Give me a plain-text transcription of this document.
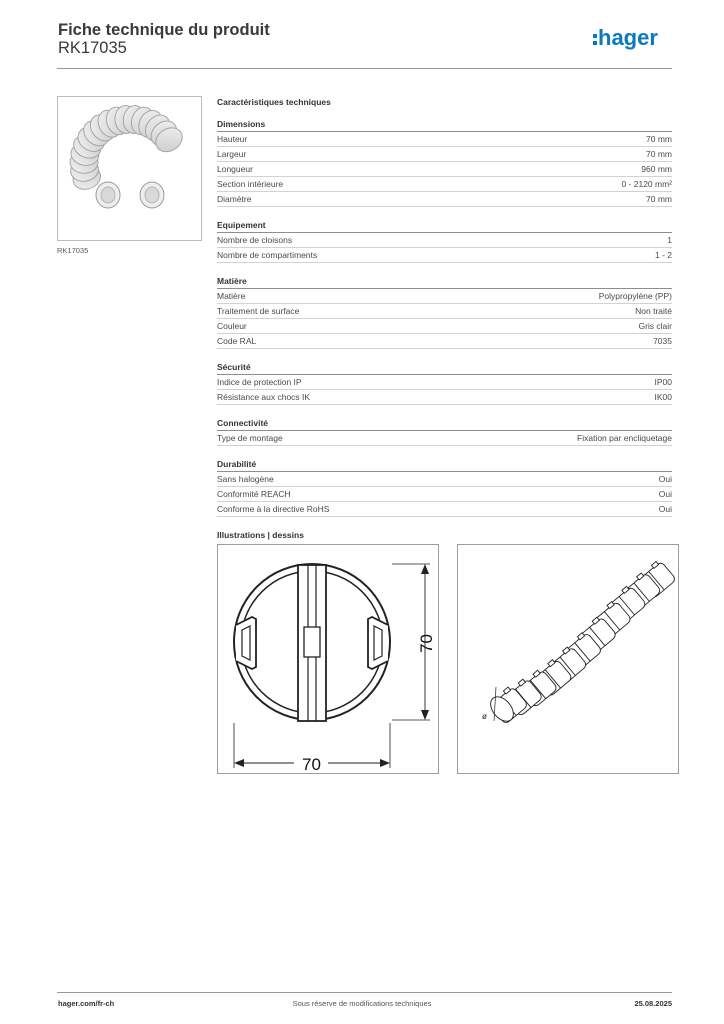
Fiche technique du produit
RK17035	hager
RK17035
Caractéristiques techniques
Dimensions
Hauteur	70 mm
Largeur	70 mm
Longueur	960 mm
Section intérieure	0 - 2120 mm²
Diamètre	70 mm
Equipement
Nombre de cloisons	1
Nombre de compartiments	1 - 2
Matière
Matière	Polypropylène (PP)
Traitement de surface	Non traité
Couleur	Gris clair
Code RAL	7035
Sécurité
Indice de protection IP	IP00
Résistance aux chocs IK	IK00
Connectivité
Type de montage	Fixation par encliquetage
Durabilité
Sans halogène	Oui
Conformité REACH	Oui
Conforme à la directive RoHS	Oui
Illustrations | dessins
70
70
ø
hager.com/fr-ch	Sous réserve de modifications techniques	25.08.2025
